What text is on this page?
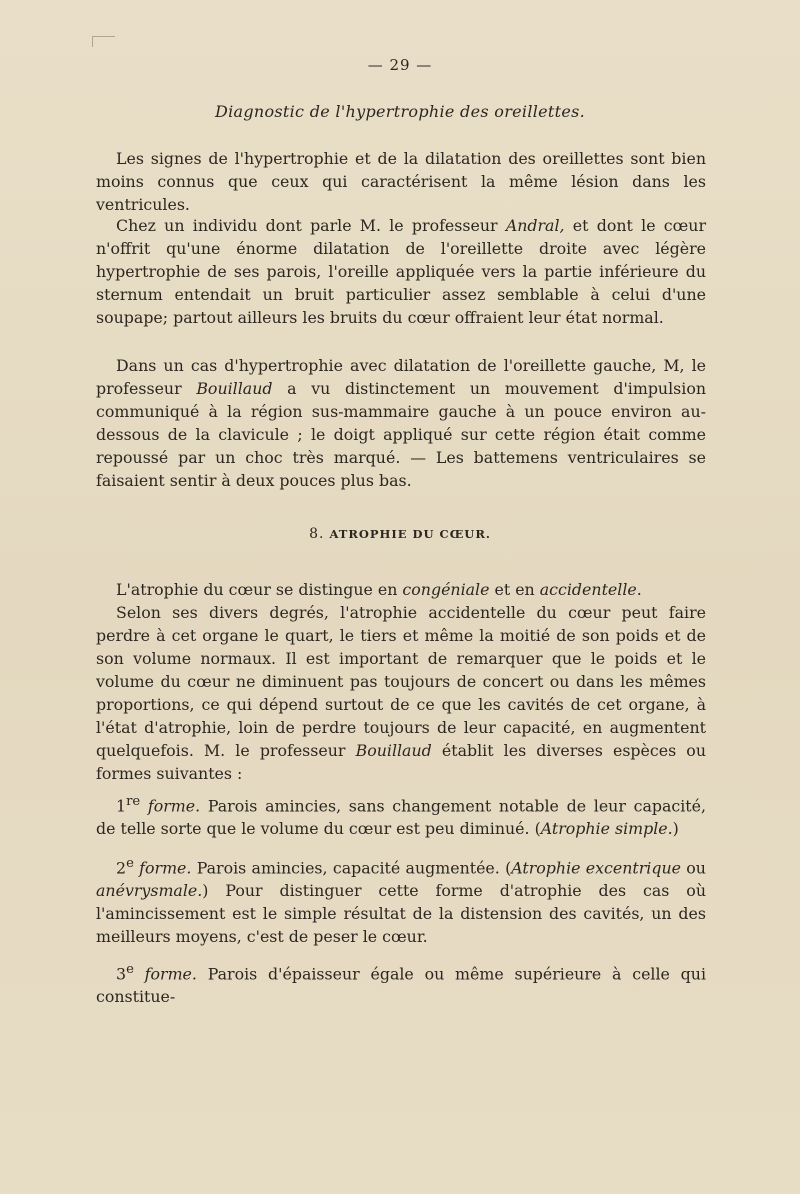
— 29 —
Diagnostic de l'hypertrophie des oreillettes.

Les signes de l'hypertrophie et de la dilatation des oreillettes sont bien moins connus que ceux qui caractérisent la même lésion dans les ventricules.

Chez un individu dont parle M. le professeur Andral, et dont le cœur n'offrit qu'une énorme dilatation de l'oreillette droite avec légère hypertrophie de ses parois, l'oreille appliquée vers la partie inférieure du sternum entendait un bruit particulier assez semblable à celui d'une soupape; partout ailleurs les bruits du cœur offraient leur état normal.

Dans un cas d'hypertrophie avec dilatation de l'oreillette gauche, M, le professeur Bouillaud a vu distinctement un mouvement d'impulsion communiqué à la région sus-mammaire gauche à un pouce environ au-dessous de la clavicule ; le doigt appliqué sur cette région était comme repoussé par un choc très marqué. — Les battemens ventriculaires se faisaient sentir à deux pouces plus bas.

8. ATROPHIE DU CŒUR.

L'atrophie du cœur se distingue en congéniale et en accidentelle.

Selon ses divers degrés, l'atrophie accidentelle du cœur peut faire perdre à cet organe le quart, le tiers et même la moitié de son poids et de son volume normaux. Il est important de remarquer que le poids et le volume du cœur ne diminuent pas toujours de concert ou dans les mêmes proportions, ce qui dépend surtout de ce que les cavités de cet organe, à l'état d'atrophie, loin de perdre toujours de leur capacité, en augmentent quelquefois. M. le professeur Bouillaud établit les diverses espèces ou formes suivantes :

1re forme. Parois amincies, sans changement notable de leur capacité, de telle sorte que le volume du cœur est peu diminué. (Atrophie simple.)

2e forme. Parois amincies, capacité augmentée. (Atrophie excentrique ou anévrysmale.) Pour distinguer cette forme d'atrophie des cas où l'amincissement est le simple résultat de la distension des cavités, un des meilleurs moyens, c'est de peser le cœur.

3e forme. Parois d'épaisseur égale ou même supérieure à celle qui constitue-
